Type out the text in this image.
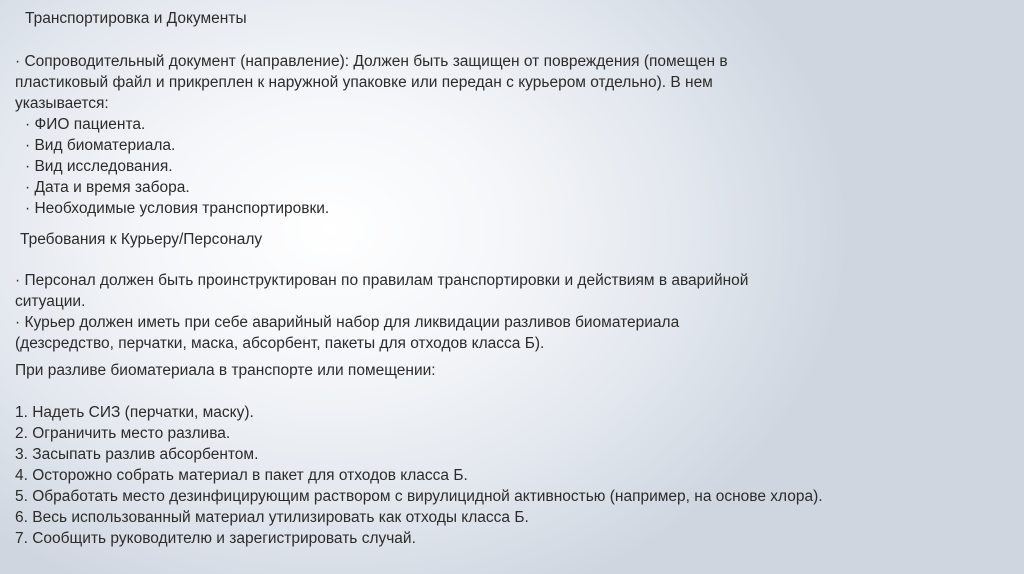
Транспортировка и Документы
· Сопроводительный документ (направление): Должен быть защищен от повреждения (помещен в
пластиковый файл и прикреплен к наружной упаковке или передан с курьером отдельно). В нем
указывается:
· ФИО пациента.
· Вид биоматериала.
· Вид исследования.
· Дата и время забора.
· Необходимые условия транспортировки.
Требования к Курьеру/Персоналу
· Персонал должен быть проинструктирован по правилам транспортировки и действиям в аварийной
ситуации.
· Курьер должен иметь при себе аварийный набор для ликвидации разливов биоматериала
(дезсредство, перчатки, маска, абсорбент, пакеты для отходов класса Б).
При разливе биоматериала в транспорте или помещении:
1. Надеть СИЗ (перчатки, маску).
2. Ограничить место разлива.
3. Засыпать разлив абсорбентом.
4. Осторожно собрать материал в пакет для отходов класса Б.
5. Обработать место дезинфицирующим раствором с вирулицидной активностью (например, на основе хлора).
6. Весь использованный материал утилизировать как отходы класса Б.
7. Сообщить руководителю и зарегистрировать случай.
